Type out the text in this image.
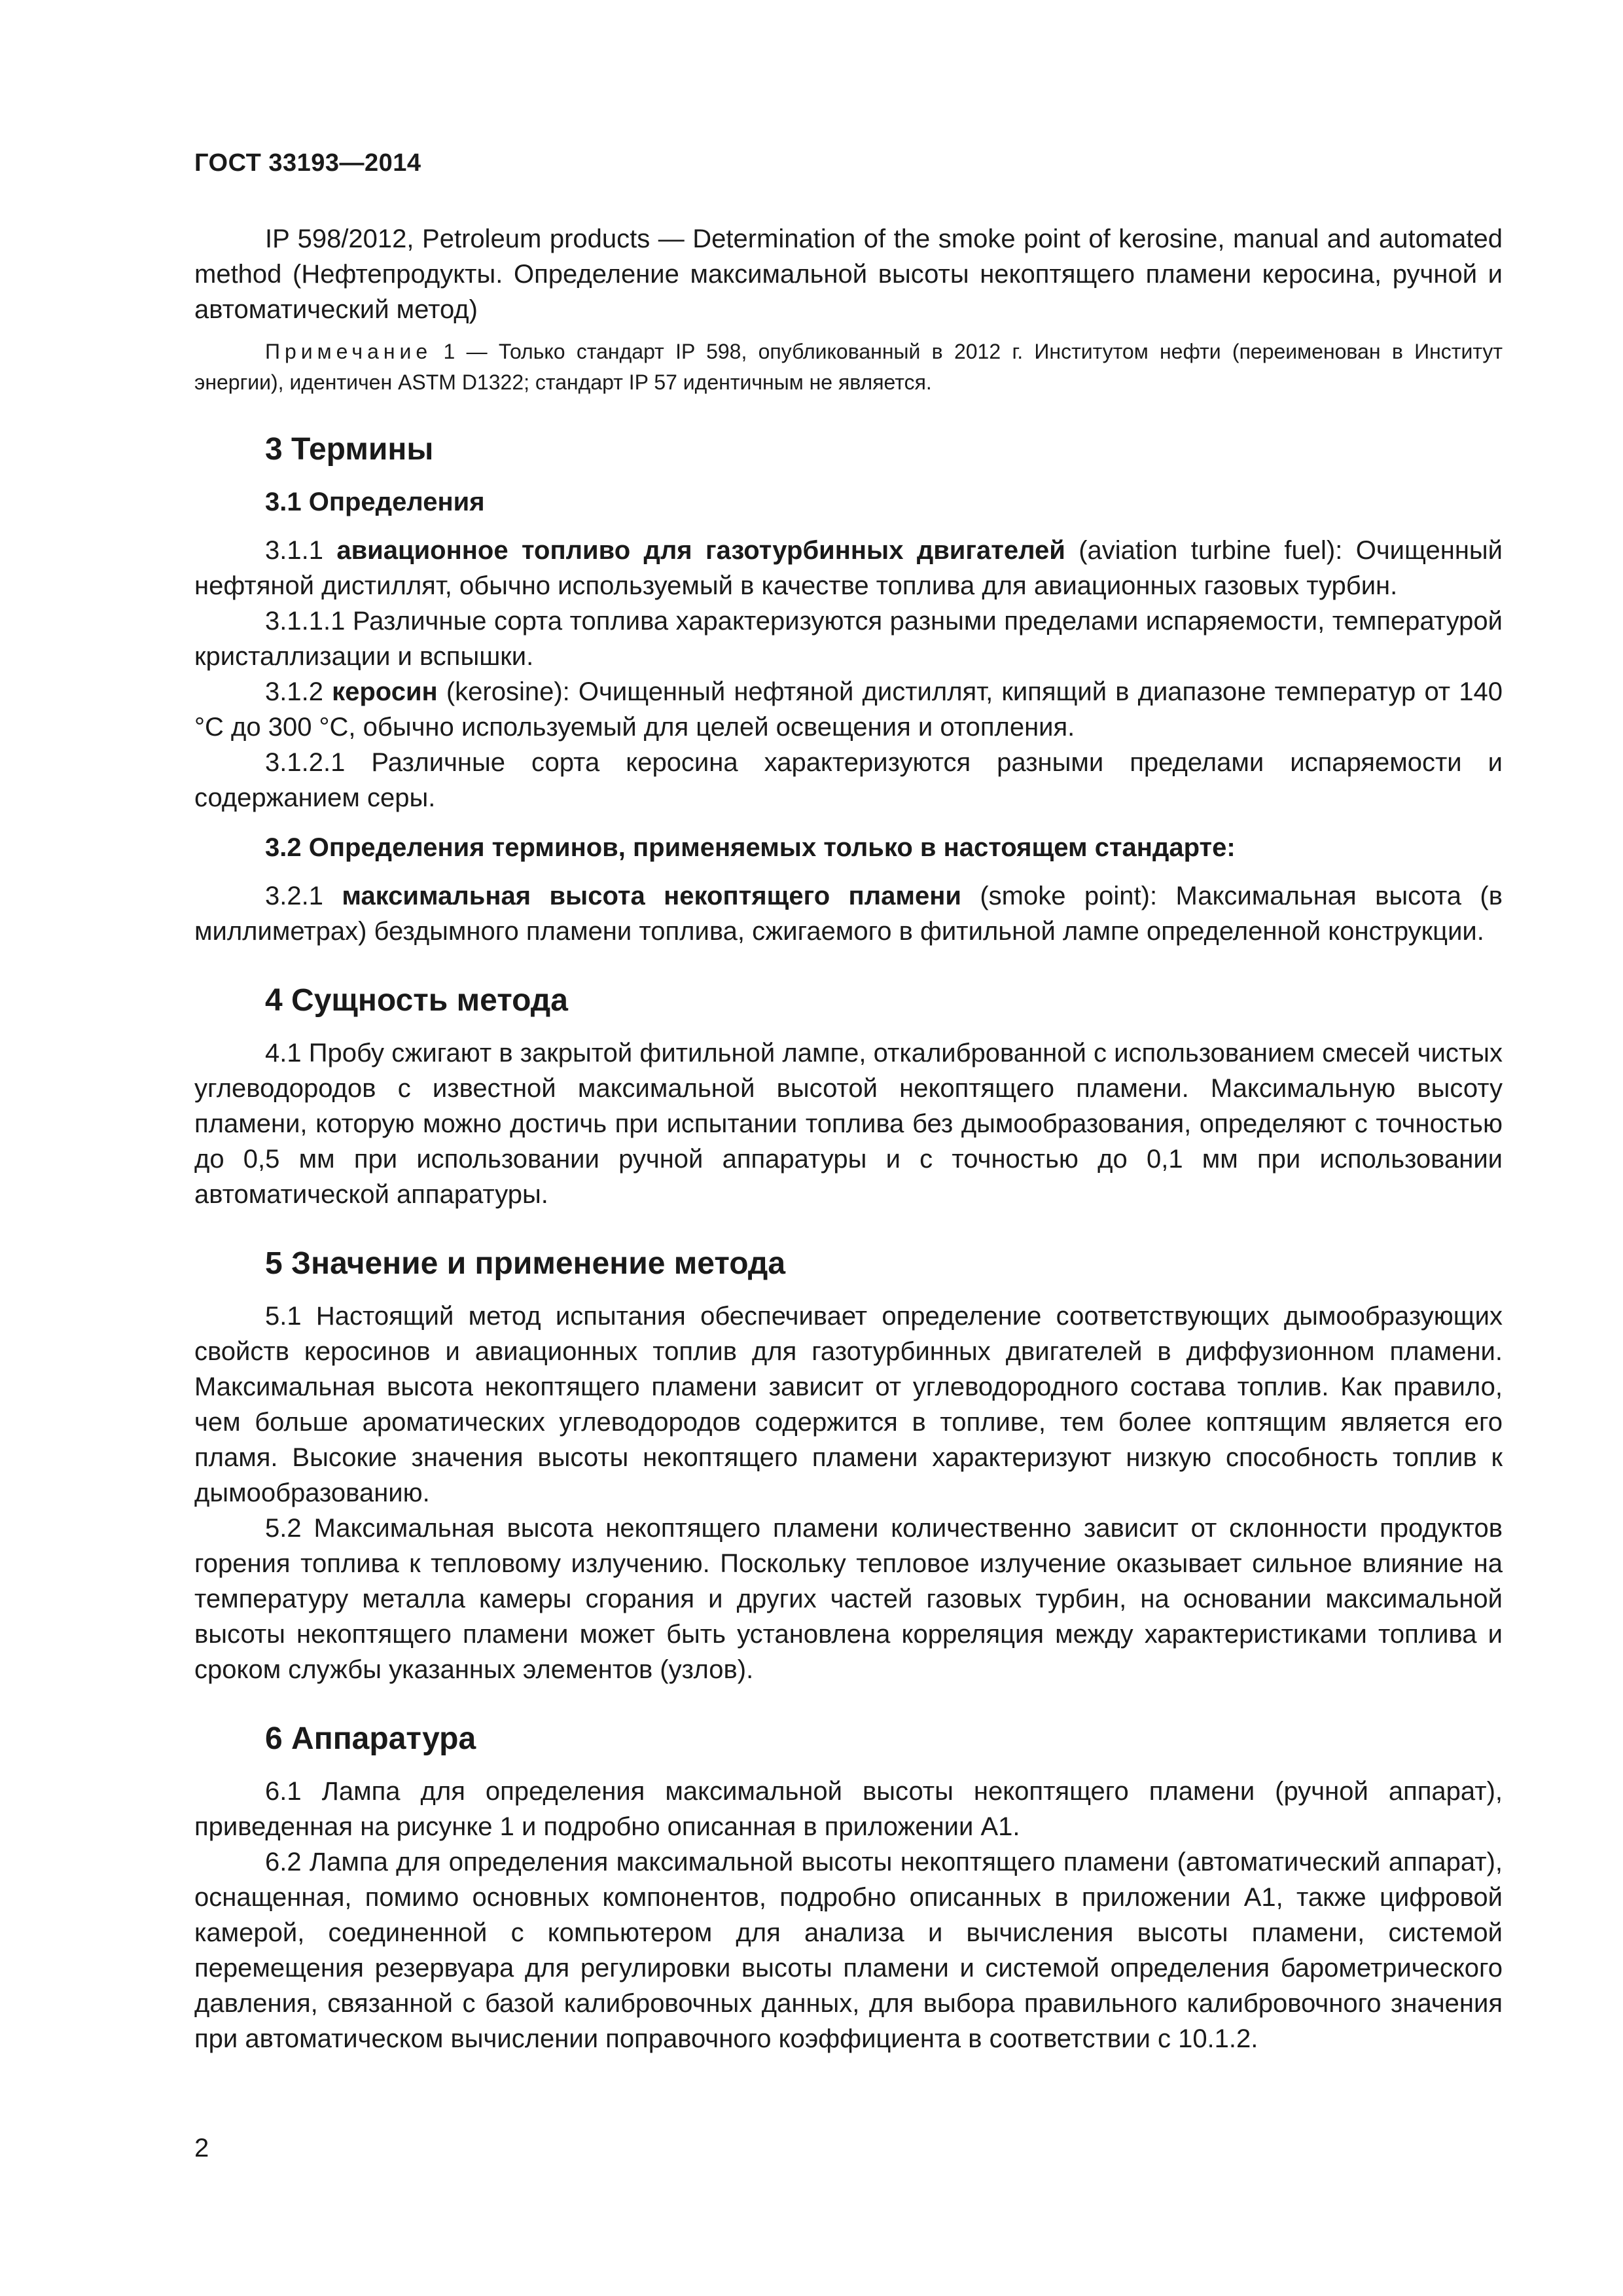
ГОСТ 33193—2014

IP 598/2012, Petroleum products — Determination of the smoke point of kerosine, manual and automated method (Нефтепродукты. Определение максимальной высоты некоптящего пламени керосина, ручной и автоматический метод)

Примечание 1 — Только стандарт IP 598, опубликованный в 2012 г. Институтом нефти (переименован в Институт энергии), идентичен ASTM D1322; стандарт IP 57 идентичным не является.

3 Термины
3.1 Определения

3.1.1 авиационное топливо для газотурбинных двигателей (aviation turbine fuel): Очищенный нефтяной дистиллят, обычно используемый в качестве топлива для авиационных газовых турбин.

3.1.1.1 Различные сорта топлива характеризуются разными пределами испаряемости, температурой кристаллизации и вспышки.

3.1.2 керосин (kerosine): Очищенный нефтяной дистиллят, кипящий в диапазоне температур от 140 °С до 300 °С, обычно используемый для целей освещения и отопления.

3.1.2.1 Различные сорта керосина характеризуются разными пределами испаряемости и содержанием серы.

3.2 Определения терминов, применяемых только в настоящем стандарте:

3.2.1 максимальная высота некоптящего пламени (smoke point): Максимальная высота (в миллиметрах) бездымного пламени топлива, сжигаемого в фитильной лампе определенной конструкции.

4 Сущность метода

4.1 Пробу сжигают в закрытой фитильной лампе, откалиброванной с использованием смесей чистых углеводородов с известной максимальной высотой некоптящего пламени. Максимальную высоту пламени, которую можно достичь при испытании топлива без дымообразования, определяют с точностью до 0,5 мм при использовании ручной аппаратуры и с точностью до 0,1 мм при использовании автоматической аппаратуры.

5 Значение и применение метода

5.1 Настоящий метод испытания обеспечивает определение соответствующих дымообразующих свойств керосинов и авиационных топлив для газотурбинных двигателей в диффузионном пламени. Максимальная высота некоптящего пламени зависит от углеводородного состава топлив. Как правило, чем больше ароматических углеводородов содержится в топливе, тем более коптящим является его пламя. Высокие значения высоты некоптящего пламени характеризуют низкую способность топлив к дымообразованию.

5.2 Максимальная высота некоптящего пламени количественно зависит от склонности продуктов горения топлива к тепловому излучению. Поскольку тепловое излучение оказывает сильное влияние на температуру металла камеры сгорания и других частей газовых турбин, на основании максимальной высоты некоптящего пламени может быть установлена корреляция между характеристиками топлива и сроком службы указанных элементов (узлов).

6 Аппаратура

6.1 Лампа для определения максимальной высоты некоптящего пламени (ручной аппарат), приведенная на рисунке 1 и подробно описанная в приложении А1.

6.2 Лампа для определения максимальной высоты некоптящего пламени (автоматический аппарат), оснащенная, помимо основных компонентов, подробно описанных в приложении А1, также цифровой камерой, соединенной с компьютером для анализа и вычисления высоты пламени, системой перемещения резервуара для регулировки высоты пламени и системой определения барометрического давления, связанной с базой калибровочных данных, для выбора правильного калибровочного значения при автоматическом вычислении поправочного коэффициента в соответствии с 10.1.2.

2
